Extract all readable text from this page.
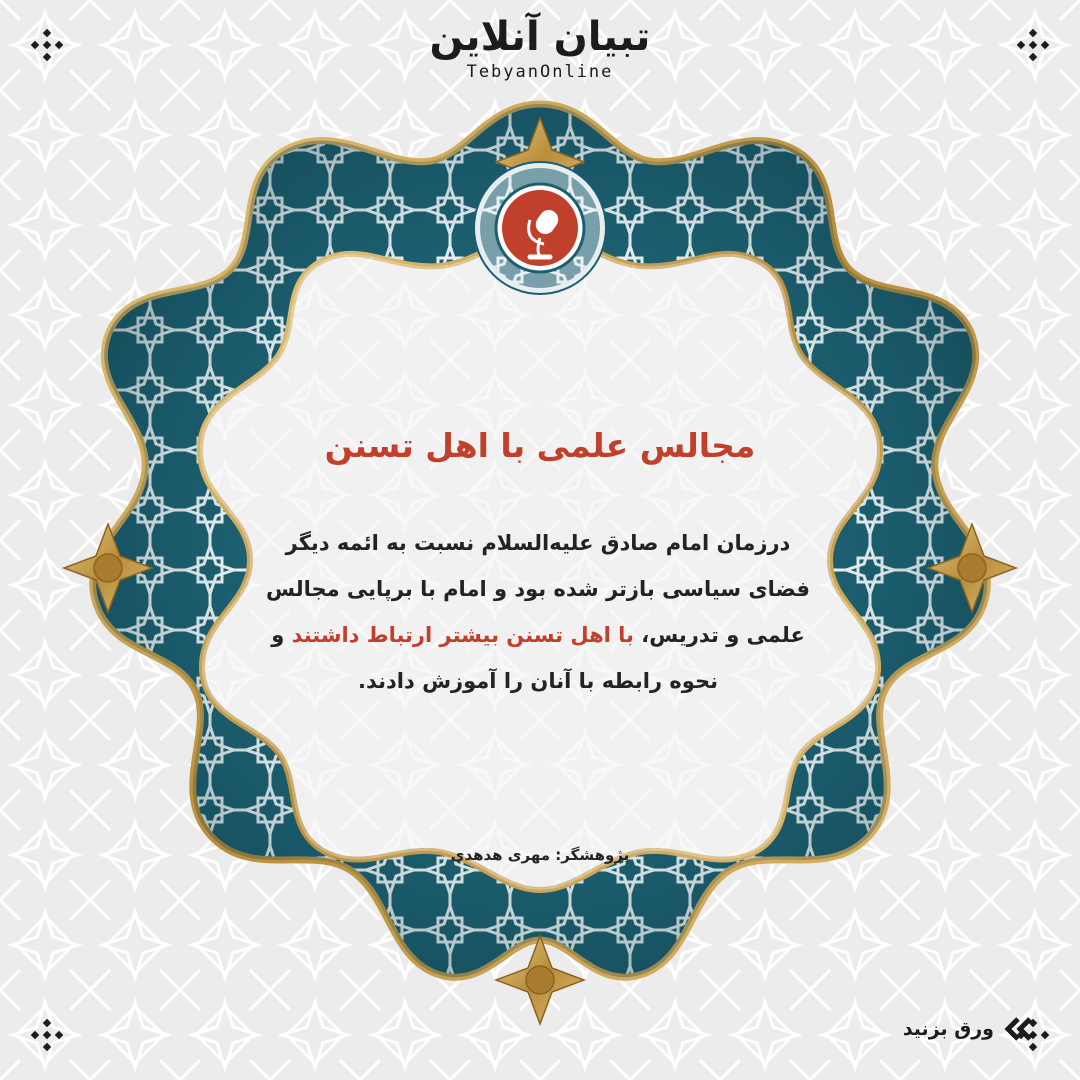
تبیان آنلاین
TebyanOnline
مجالس علمی با اهل تسنن
درزمان امام صادق علیه‌السلام نسبت به ائمه دیگر
فضای سیاسی بازتر شده بود و امام با برپایی مجالس
علمی و تدریس، با اهل تسنن بیشتر ارتباط داشتند و
نحوه رابطه با آنان را آموزش دادند.
پژوهشگر: مهری هدهدی
ورق بزنید
